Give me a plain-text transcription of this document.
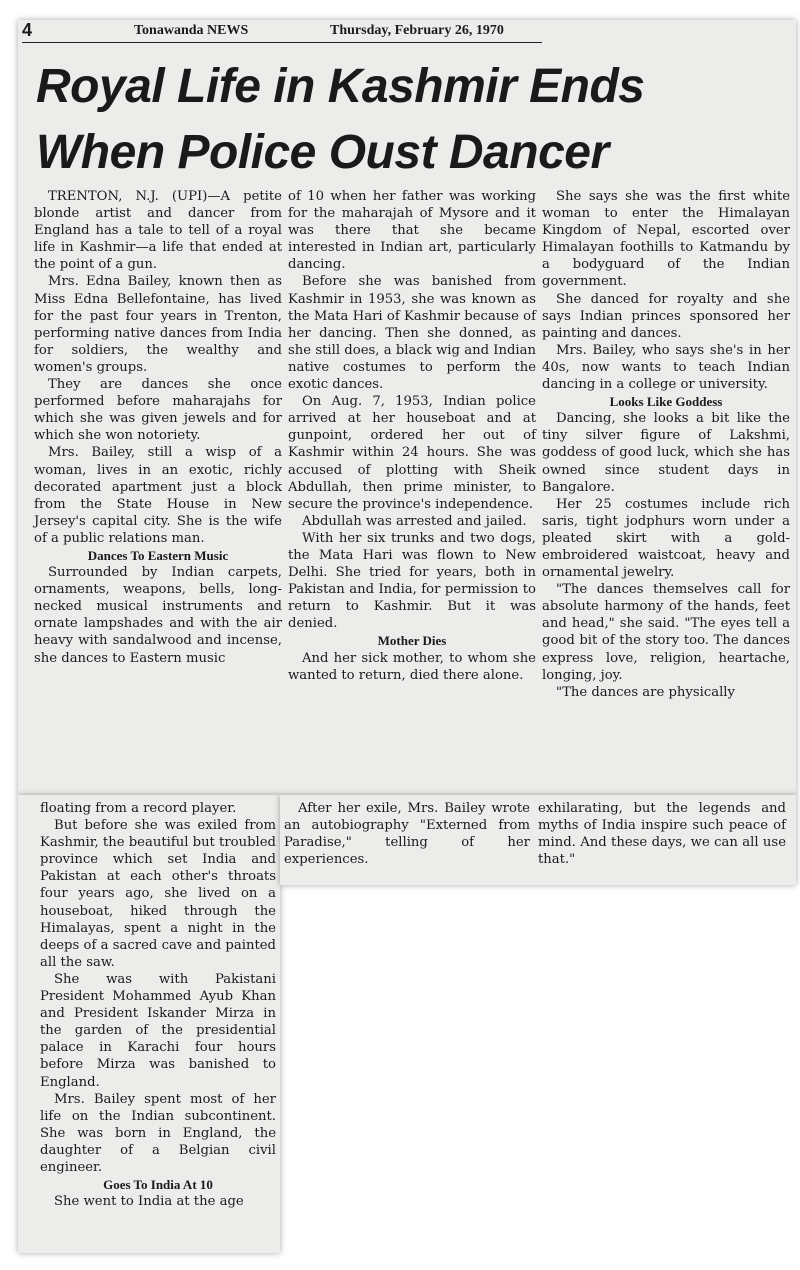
4	Tonawanda NEWS	Thursday, February 26, 1970
Royal Life in Kashmir Ends
When Police Oust Dancer

TRENTON, N.J. (UPI)—A petite blonde artist and dancer from England has a tale to tell of a royal life in Kashmir—a life that ended at the point of a gun.

Mrs. Edna Bailey, known then as Miss Edna Bellefontaine, has lived for the past four years in Trenton, performing native dances from India for soldiers, the wealthy and women's groups.

They are dances she once performed before maharajahs for which she was given jewels and for which she won notoriety.

Mrs. Bailey, still a wisp of a woman, lives in an exotic, richly decorated apartment just a block from the State House in New Jersey's capital city. She is the wife of a public relations man.

Dances To Eastern Music

Surrounded by Indian carpets, ornaments, weapons, bells, long-necked musical instruments and ornate lampshades and with the air heavy with sandalwood and incense, she dances to Eastern music

of 10 when her father was working for the maharajah of Mysore and it was there that she became interested in Indian art, particularly dancing.

Before she was banished from Kashmir in 1953, she was known as the Mata Hari of Kashmir because of her dancing. Then she donned, as she still does, a black wig and Indian native costumes to perform the exotic dances.

On Aug. 7, 1953, Indian police arrived at her houseboat and at gunpoint, ordered her out of Kashmir within 24 hours. She was accused of plotting with Sheik Abdullah, then prime minister, to secure the province's independence.

Abdullah was arrested and jailed.

With her six trunks and two dogs, the Mata Hari was flown to New Delhi. She tried for years, both in Pakistan and India, for permission to return to Kashmir. But it was denied.

Mother Dies

And her sick mother, to whom she wanted to return, died there alone.

She says she was the first white woman to enter the Himalayan Kingdom of Nepal, escorted over Himalayan foothills to Katmandu by a bodyguard of the Indian government.

She danced for royalty and she says Indian princes sponsored her painting and dances.

Mrs. Bailey, who says she's in her 40s, now wants to teach Indian dancing in a college or university.

Looks Like Goddess

Dancing, she looks a bit like the tiny silver figure of Lakshmi, goddess of good luck, which she has owned since student days in Bangalore.

Her 25 costumes include rich saris, tight jodphurs worn under a pleated skirt with a gold-embroidered waistcoat, heavy and ornamental jewelry.

"The dances themselves call for absolute harmony of the hands, feet and head," she said. "The eyes tell a good bit of the story too. The dances express love, religion, heartache, longing, joy.

"The dances are physically

floating from a record player.

But before she was exiled from Kashmir, the beautiful but troubled province which set India and Pakistan at each other's throats four years ago, she lived on a houseboat, hiked through the Himalayas, spent a night in the deeps of a sacred cave and painted all the saw.

She was with Pakistani President Mohammed Ayub Khan and President Iskander Mirza in the garden of the presidential palace in Karachi four hours before Mirza was banished to England.

Mrs. Bailey spent most of her life on the Indian subcontinent. She was born in England, the daughter of a Belgian civil engineer.

Goes To India At 10

She went to India at the age

After her exile, Mrs. Bailey wrote an autobiography "Externed from Paradise," telling of her experiences.

exhilarating, but the legends and myths of India inspire such peace of mind. And these days, we can all use that."
